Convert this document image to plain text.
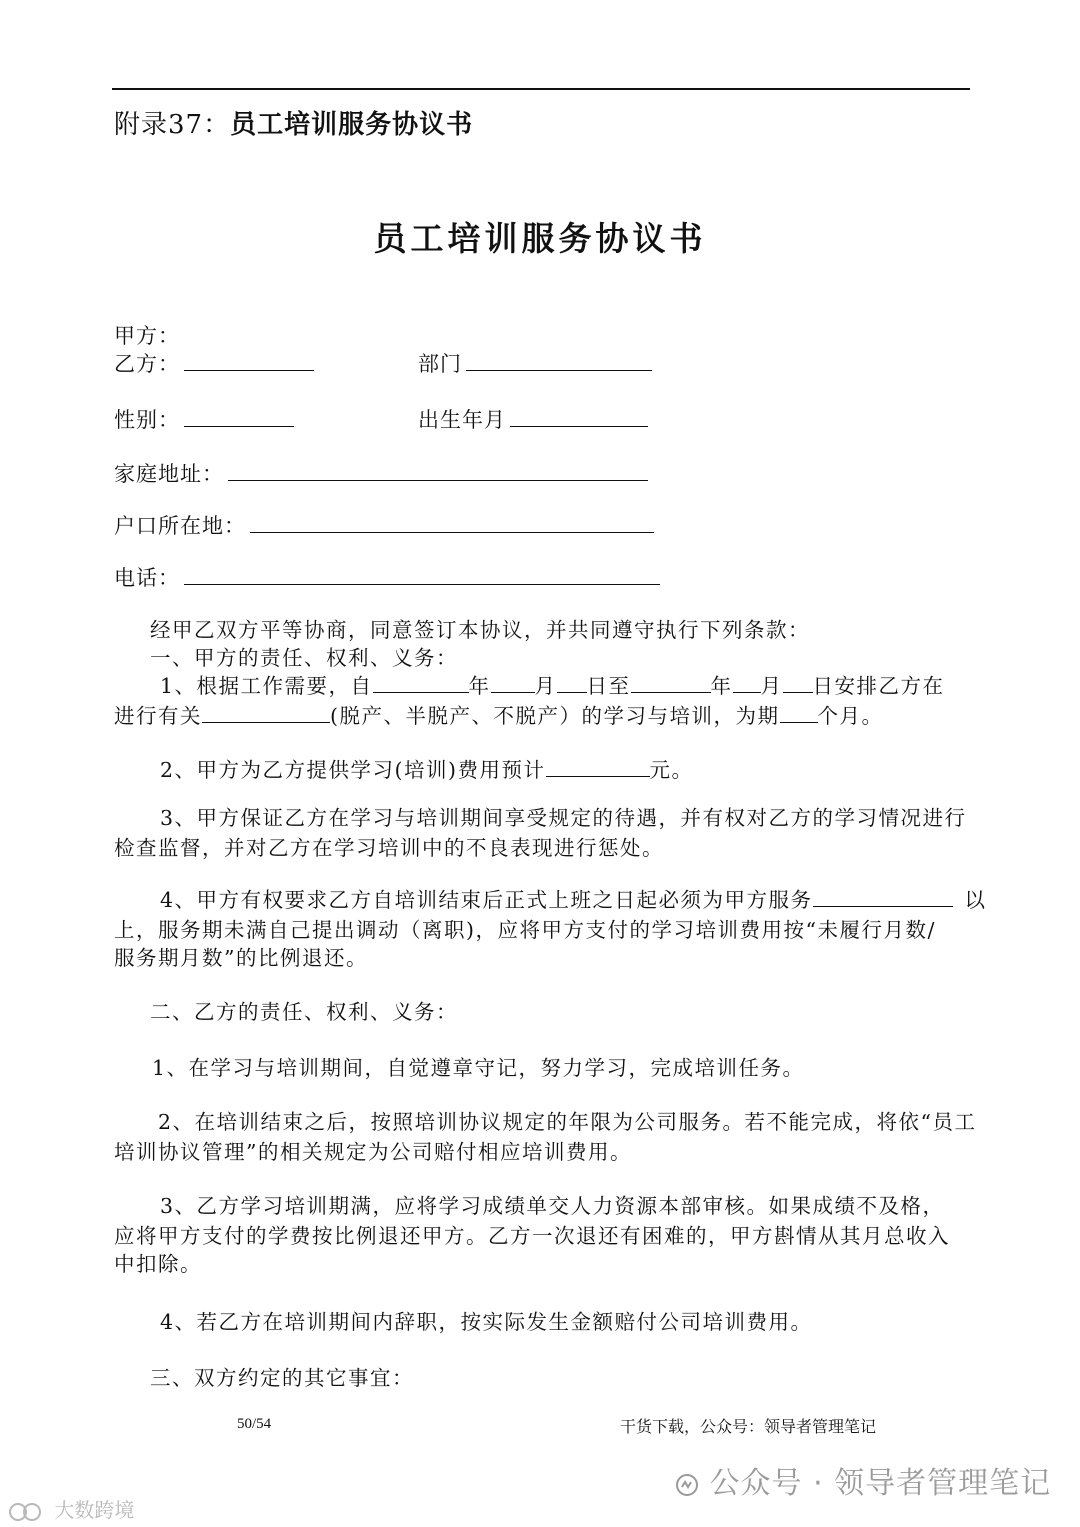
附录37：员工培训服务协议书
员工培训服务协议书
甲方：
乙方：	部门
性别：	出生年月
家庭地址：
户口所在地：
电话：
经甲乙双方平等协商，同意签订本协议，并共同遵守执行下列条款：
一、甲方的责任、权利、义务：
1、根据工作需要，自	年 月 日至	年 月 日安排乙方在
进行有关	(脱产、半脱产、不脱产）的学习与培训，为期 个月。
2、甲方为乙方提供学习(培训)费用预计	元。
3、甲方保证乙方在学习与培训期间享受规定的待遇，并有权对乙方的学习情况进行
检查监督，并对乙方在学习培训中的不良表现进行惩处。
4、甲方有权要求乙方自培训结束后正式上班之日起必须为甲方服务	以
上，服务期未满自己提出调动（离职)，应将甲方支付的学习培训费用按“未履行月数/
服务期月数”的比例退还。
二、乙方的责任、权利、义务：
1、在学习与培训期间，自觉遵章守记，努力学习，完成培训任务。
2、在培训结束之后，按照培训协议规定的年限为公司服务。若不能完成，将依“员工
培训协议管理”的相关规定为公司赔付相应培训费用。
3、乙方学习培训期满，应将学习成绩单交人力资源本部审核。如果成绩不及格，
应将甲方支付的学费按比例退还甲方。乙方一次退还有困难的，甲方斟情从其月总收入
中扣除。
4、若乙方在培训期间内辞职，按实际发生金额赔付公司培训费用。
三、双方约定的其它事宜：
50/54	干货下载，公众号：领导者管理笔记
公众号 · 领导者管理笔记
大数跨境
